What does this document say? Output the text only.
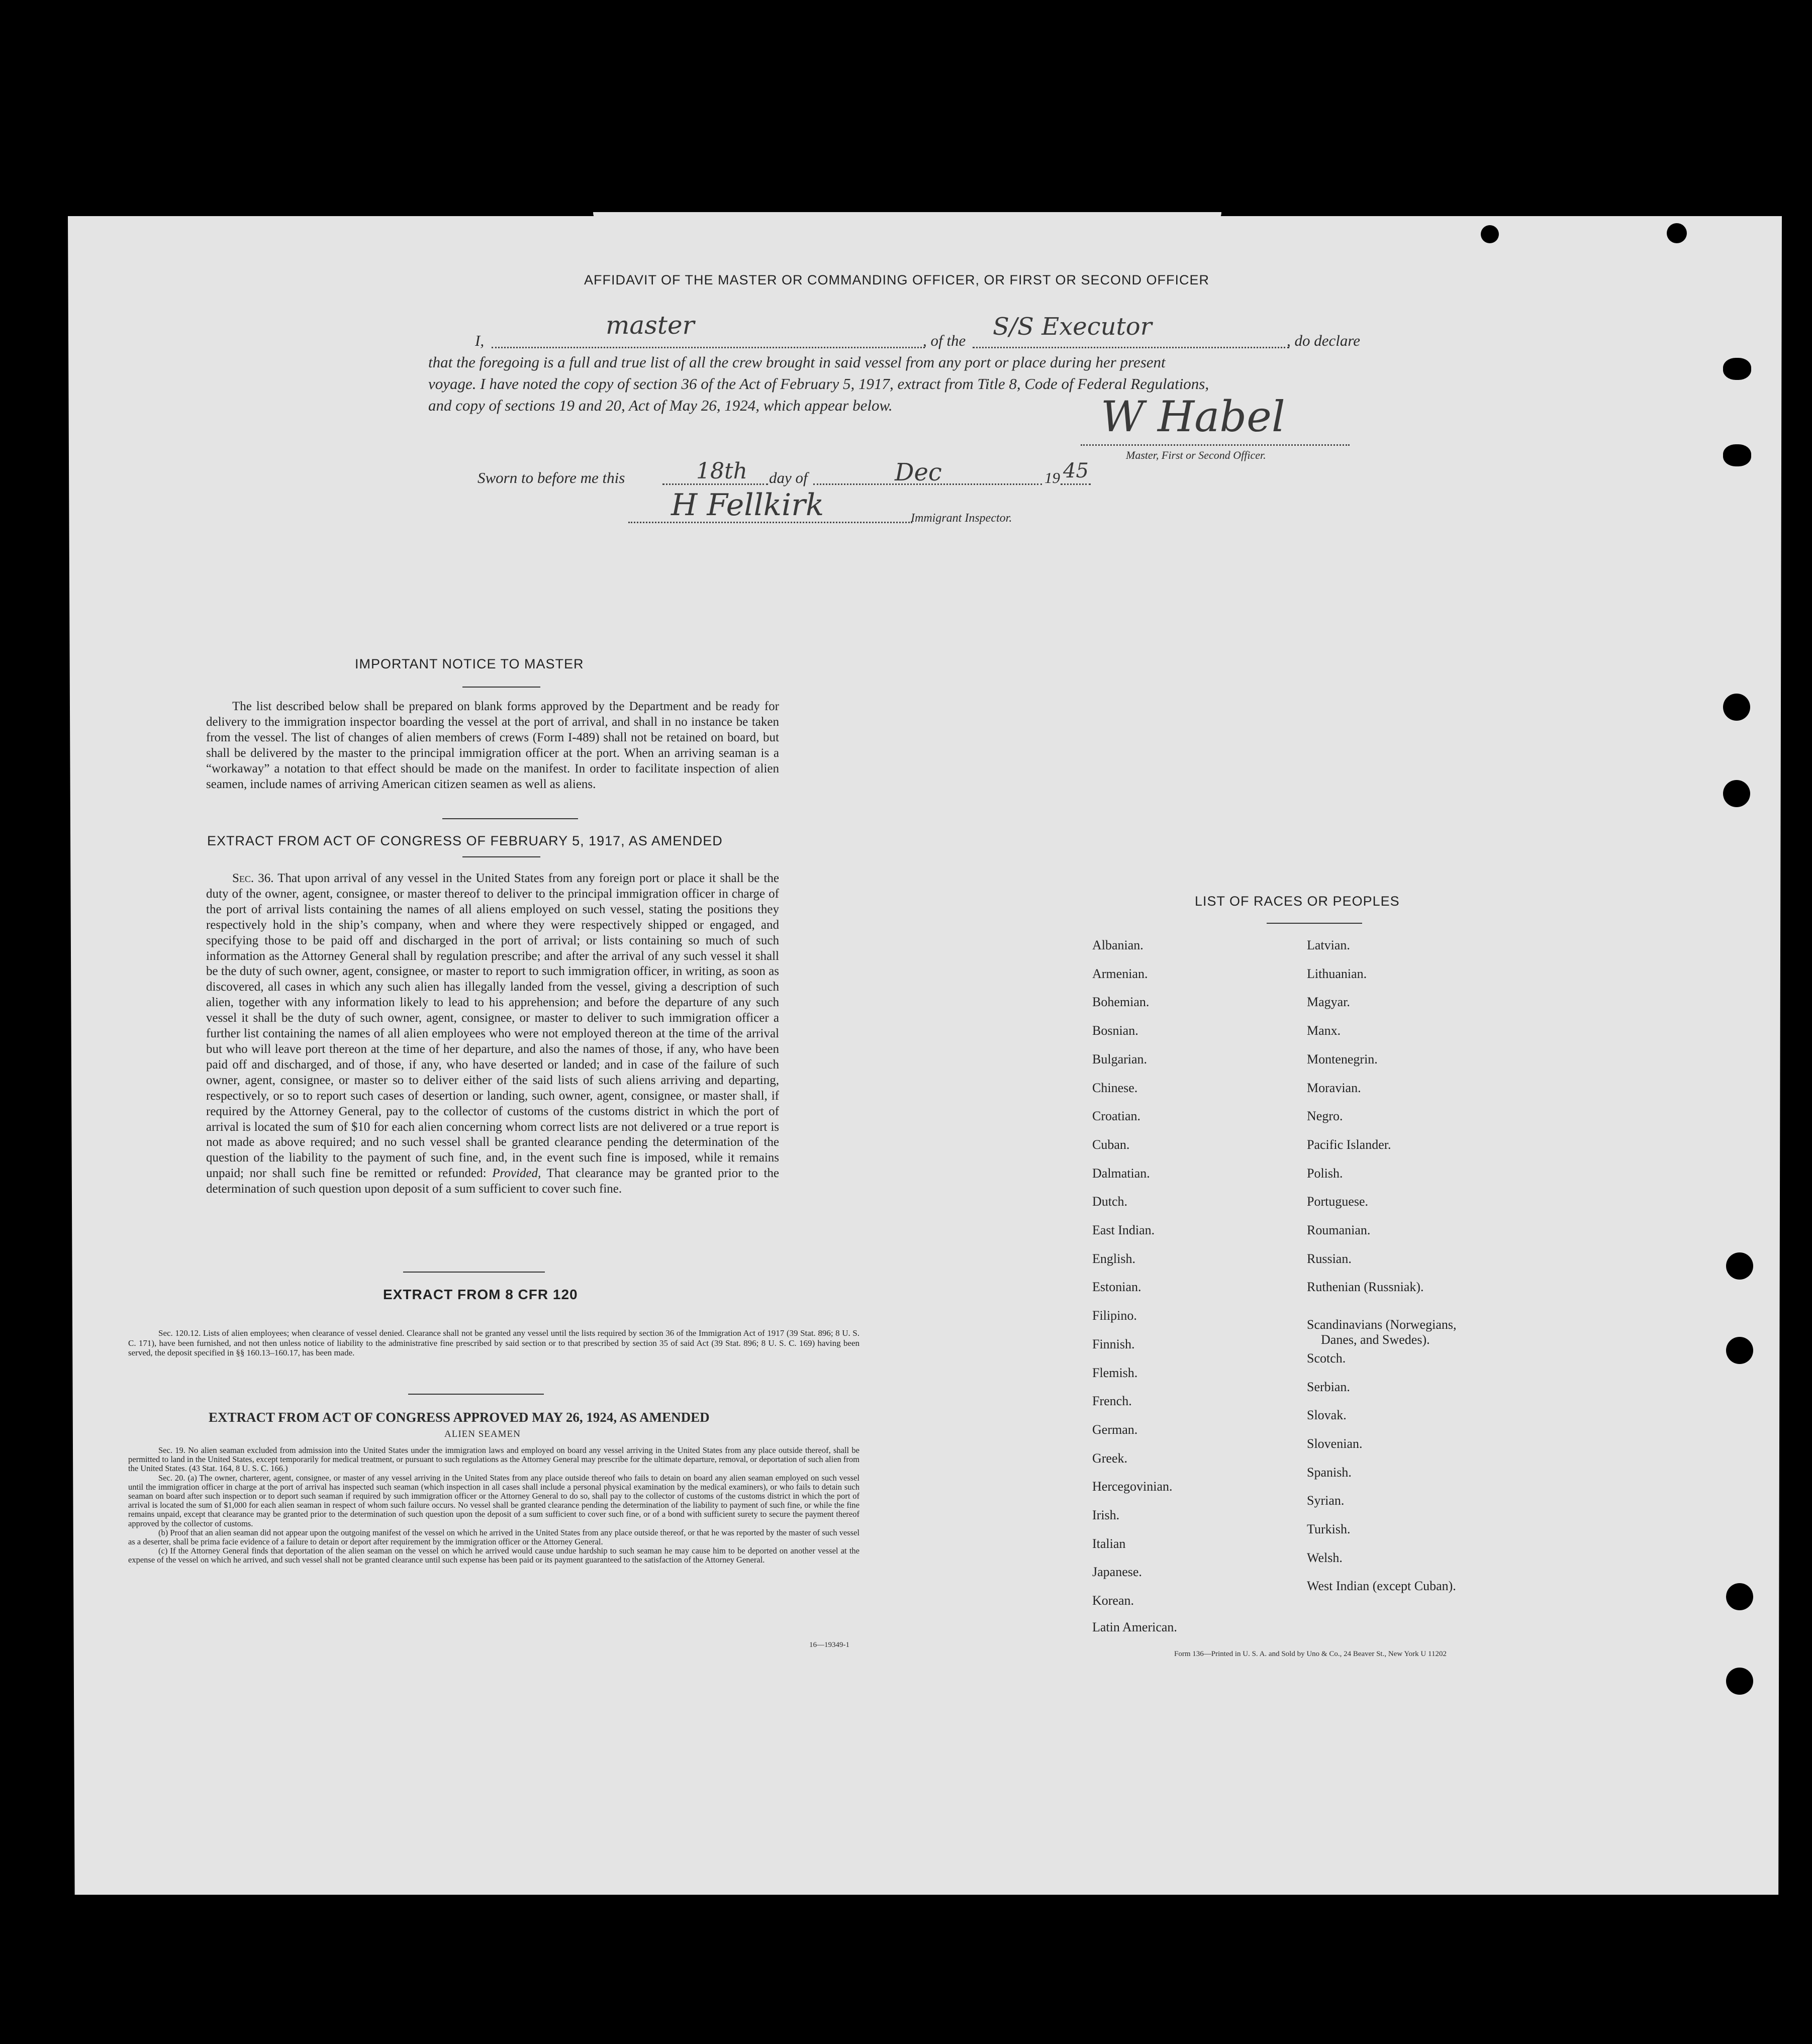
AFFIDAVIT OF THE MASTER OR COMMANDING OFFICER, OR FIRST OR SECOND OFFICER
I,
master
, of the S/S Executor	, do declare
that the foregoing is a full and true list of all the crew brought in said vessel from any port or place during her present
voyage. I have noted the copy of section 36 of the Act of February 5, 1917, extract from Title 8, Code of Federal Regulations,
and copy of sections 19 and 20, Act of May 26, 1924, which appear below.	W Habel
Master, First or Second Officer.
Sworn to before me this	18th day of	Dec	19 45
H Fellkirk	Immigrant Inspector.
IMPORTANT NOTICE TO MASTER

The list described below shall be prepared on blank forms approved by the Department and be ready for delivery to the immigration inspector boarding the vessel at the port of arrival, and shall in no instance be taken from the vessel. The list of changes of alien members of crews (Form I-489) shall not be retained on board, but shall be delivered by the master to the principal immigration officer at the port. When an arriving seaman is a “workaway” a notation to that effect should be made on the manifest. In order to facilitate inspection of alien seamen, include names of arriving American citizen seamen as well as aliens.

EXTRACT FROM ACT OF CONGRESS OF FEBRUARY 5, 1917, AS AMENDED

Sec. 36. That upon arrival of any vessel in the United States from any foreign port or place it shall be the duty of the owner, agent, consignee, or master thereof to deliver to the principal immigration officer in charge of the port of arrival lists containing the names of all aliens employed on such vessel, stating the positions they respectively hold in the ship’s company, when and where they were respectively shipped or engaged, and specifying those to be paid off and discharged in the port of arrival; or lists containing so much of such information as the Attorney General shall by regulation prescribe; and after the arrival of any such vessel it shall be the duty of such owner, agent, consignee, or master to report to such immigration officer, in writing, as soon as discovered, all cases in which any such alien has illegally landed from the vessel, giving a description of such alien, together with any information likely to lead to his apprehension; and before the departure of any such vessel it shall be the duty of such owner, agent, consignee, or master to deliver to such immigration officer a further list containing the names of all alien employees who were not employed thereon at the time of the arrival but who will leave port thereon at the time of her departure, and also the names of those, if any, who have been paid off and discharged, and of those, if any, who have deserted or landed; and in case of the failure of such owner, agent, consignee, or master so to deliver either of the said lists of such aliens arriving and departing, respectively, or so to report such cases of desertion or landing, such owner, agent, consignee, or master shall, if required by the Attorney General, pay to the collector of customs of the customs district in which the port of arrival is located the sum of $10 for each alien concerning whom correct lists are not delivered or a true report is not made as above required; and no such vessel shall be granted clearance pending the determination of the question of the liability to the payment of such fine, and, in the event such fine is imposed, while it remains unpaid; nor shall such fine be remitted or refunded: Provided, That clearance may be granted prior to the determination of such question upon deposit of a sum sufficient to cover such fine.

EXTRACT FROM 8 CFR 120

Sec. 120.12. Lists of alien employees; when clearance of vessel denied. Clearance shall not be granted any vessel until the lists required by section 36 of the Immigration Act of 1917 (39 Stat. 896; 8 U. S. C. 171), have been furnished, and not then unless notice of liability to the administrative fine prescribed by said section or to that prescribed by section 35 of said Act (39 Stat. 896; 8 U. S. C. 169) having been served, the deposit specified in §§ 160.13–160.17, has been made.

EXTRACT FROM ACT OF CONGRESS APPROVED MAY 26, 1924, AS AMENDED
ALIEN SEAMEN

Sec. 19. No alien seaman excluded from admission into the United States under the immigration laws and employed on board any vessel arriving in the United States from any place outside thereof, shall be permitted to land in the United States, except temporarily for medical treatment, or pursuant to such regulations as the Attorney General may prescribe for the ultimate departure, removal, or deportation of such alien from the United States. (43 Stat. 164, 8 U. S. C. 166.)

Sec. 20. (a) The owner, charterer, agent, consignee, or master of any vessel arriving in the United States from any place outside thereof who fails to detain on board any alien seaman employed on such vessel until the immigration officer in charge at the port of arrival has inspected such seaman (which inspection in all cases shall include a personal physical examination by the medical examiners), or who fails to detain such seaman on board after such inspection or to deport such seaman if required by such immigration officer or the Attorney General to do so, shall pay to the collector of customs of the customs district in which the port of arrival is located the sum of $1,000 for each alien seaman in respect of whom such failure occurs. No vessel shall be granted clearance pending the determination of the liability to payment of such fine, or while the fine remains unpaid, except that clearance may be granted prior to the determination of such question upon the deposit of a sum sufficient to cover such fine, or of a bond with sufficient surety to secure the payment thereof approved by the collector of customs.

(b) Proof that an alien seaman did not appear upon the outgoing manifest of the vessel on which he arrived in the United States from any place outside thereof, or that he was reported by the master of such vessel as a deserter, shall be prima facie evidence of a failure to detain or deport after requirement by the immigration officer or the Attorney General.

(c) If the Attorney General finds that deportation of the alien seaman on the vessel on which he arrived would cause undue hardship to such seaman he may cause him to be deported on another vessel at the expense of the vessel on which he arrived, and such vessel shall not be granted clearance until such expense has been paid or its payment guaranteed to the satisfaction of the Attorney General.

16—19349-1
LIST OF RACES OR PEOPLES
Form 136—Printed in U. S. A. and Sold by Uno & Co., 24 Beaver St., New York U 11202
Albanian.
Armenian.
Bohemian.
Bosnian.
Bulgarian.
Chinese.
Croatian.
Cuban.
Dalmatian.
Dutch.
East Indian.
English.
Estonian.
Filipino.
Finnish.
Flemish.
French.
German.
Greek.
Hercegovinian.
Irish.
Italian
Japanese.
Korean.
Latin American.
Latvian.
Lithuanian.
Magyar.
Manx.
Montenegrin.
Moravian.
Negro.
Pacific Islander.
Polish.
Portuguese.
Roumanian.
Russian.
Ruthenian (Russniak).
Scandinavians (Norwegians,
Danes, and Swedes).
Scotch.
Serbian.
Slovak.
Slovenian.
Spanish.
Syrian.
Turkish.
Welsh.
West Indian (except Cuban).
